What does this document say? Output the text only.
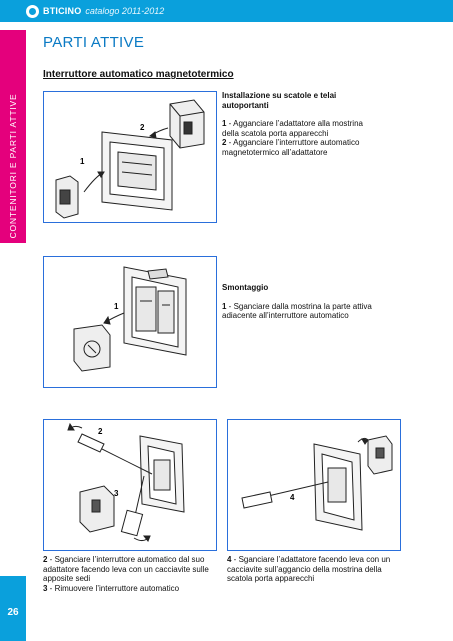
BTICINO catalogo 2011-2012
CONTENITORI E PARTI ATTIVE
PARTI ATTIVE
Interruttore automatico magnetotermico
1
2
Installazione su scatole e telai autoportanti
1 - Agganciare l’adattatore alla mostrina della scatola porta apparecchi
2 - Agganciare l’interruttore automatico magnetotermico all’adattatore
1
Smontaggio
1 - Sganciare dalla mostrina la parte attiva adiacente all’interruttore automatico
2
3	4
2 - Sganciare l’interruttore automatico dal suo adattatore facendo leva con un cacciavite sulle apposite sedi
3 - Rimuovere l’interruttore automatico
4 - Sganciare l’adattatore facendo leva con un cacciavite sull’aggancio della mostrina della scatola porta apparecchi
26
